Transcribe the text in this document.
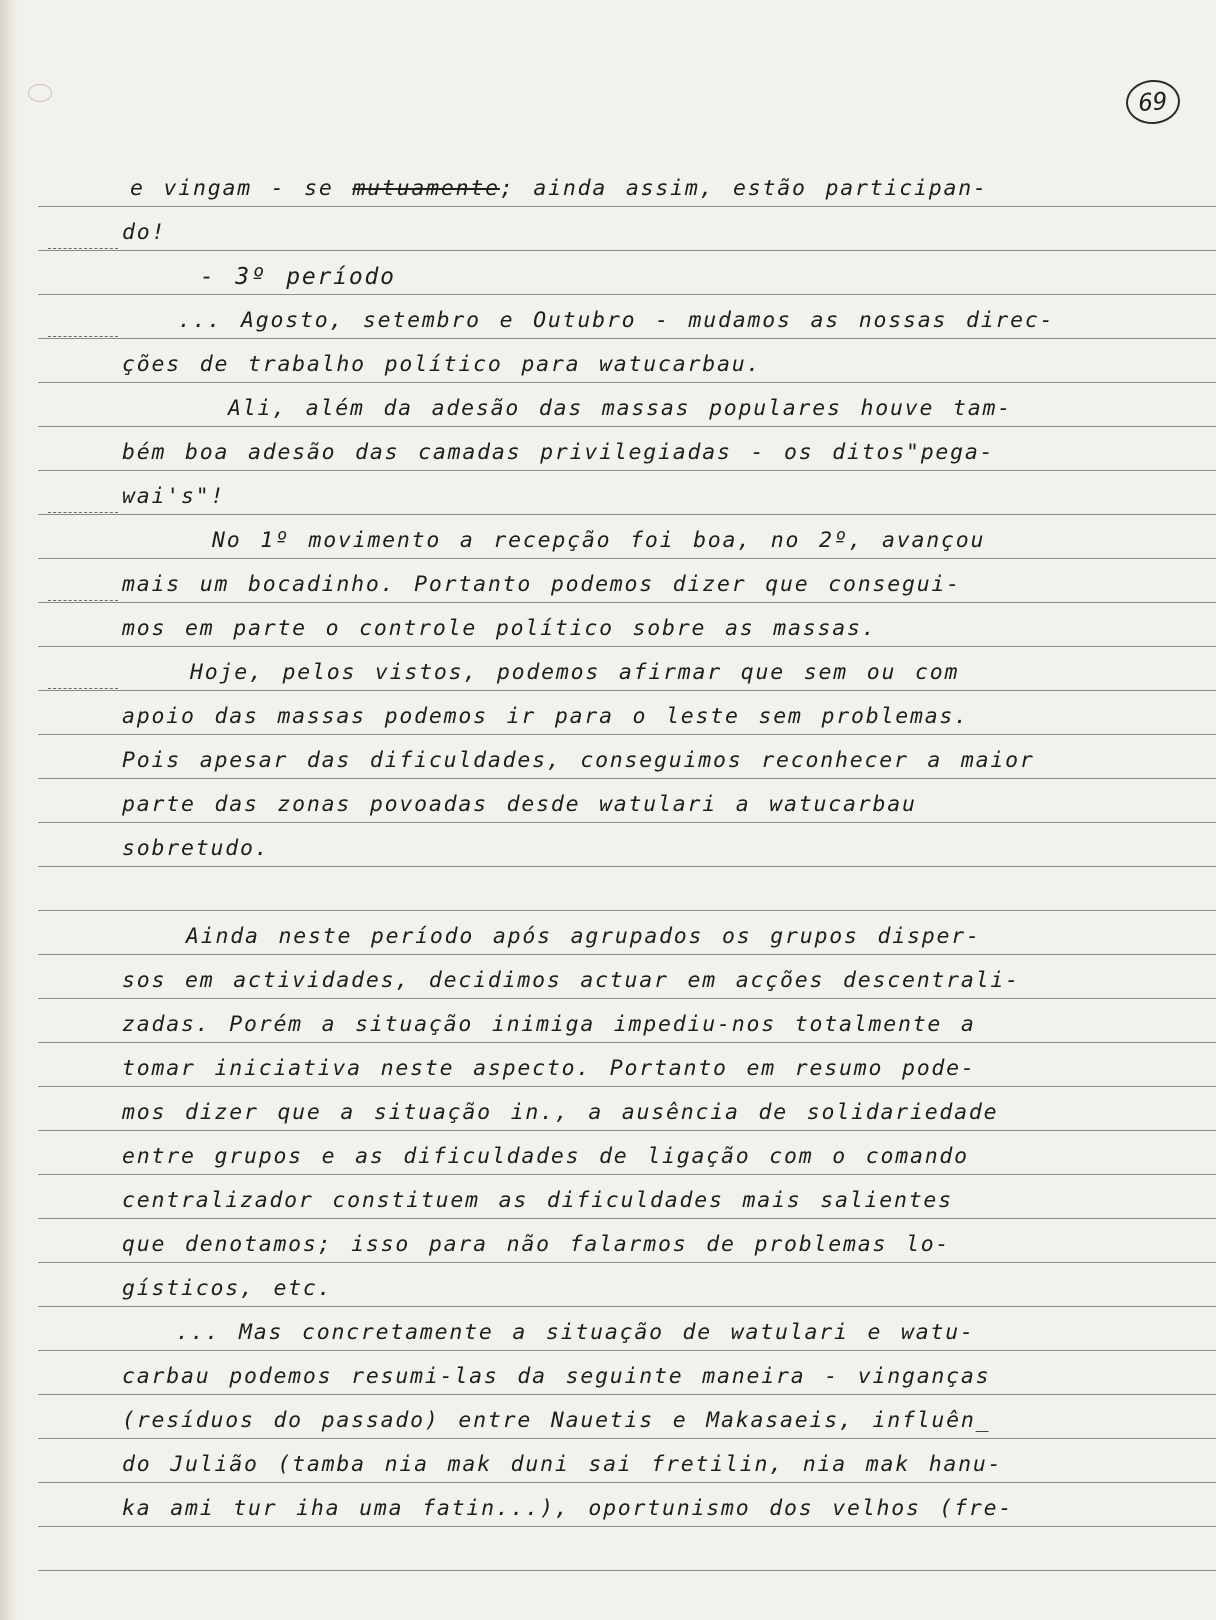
69
e vingam - se mutuamente; ainda assim, estão participan-
do!
- 3º período
... Agosto, setembro e Outubro - mudamos as nossas direc-
ções de trabalho político para watucarbau.
Ali, além da adesão das massas populares houve tam-
bém boa adesão das camadas privilegiadas - os ditos"pega-
wai's"!
No 1º movimento a recepção foi boa, no 2º, avançou
mais um bocadinho. Portanto podemos dizer que consegui-
mos em parte o controle político sobre as massas.
Hoje, pelos vistos, podemos afirmar que sem ou com
apoio das massas podemos ir para o leste sem problemas.
Pois apesar das dificuldades, conseguimos reconhecer a maior
parte das zonas povoadas desde watulari a watucarbau
sobretudo.
Ainda neste período após agrupados os grupos disper-
sos em actividades, decidimos actuar em acções descentrali-
zadas. Porém a situação inimiga impediu-nos totalmente a
tomar iniciativa neste aspecto. Portanto em resumo pode-
mos dizer que a situação in., a ausência de solidariedade
entre grupos e as dificuldades de ligação com o comando
centralizador constituem as dificuldades mais salientes
que denotamos; isso para não falarmos de problemas lo-
gísticos, etc.
... Mas concretamente a situação de watulari e watu-
carbau podemos resumi-las da seguinte maneira - vinganças
(resíduos do passado) entre Nauetis e Makasaeis, influên_
do Julião (tamba nia mak duni sai fretilin, nia mak hanu-
ka ami tur iha uma fatin...), oportunismo dos velhos (fre-
